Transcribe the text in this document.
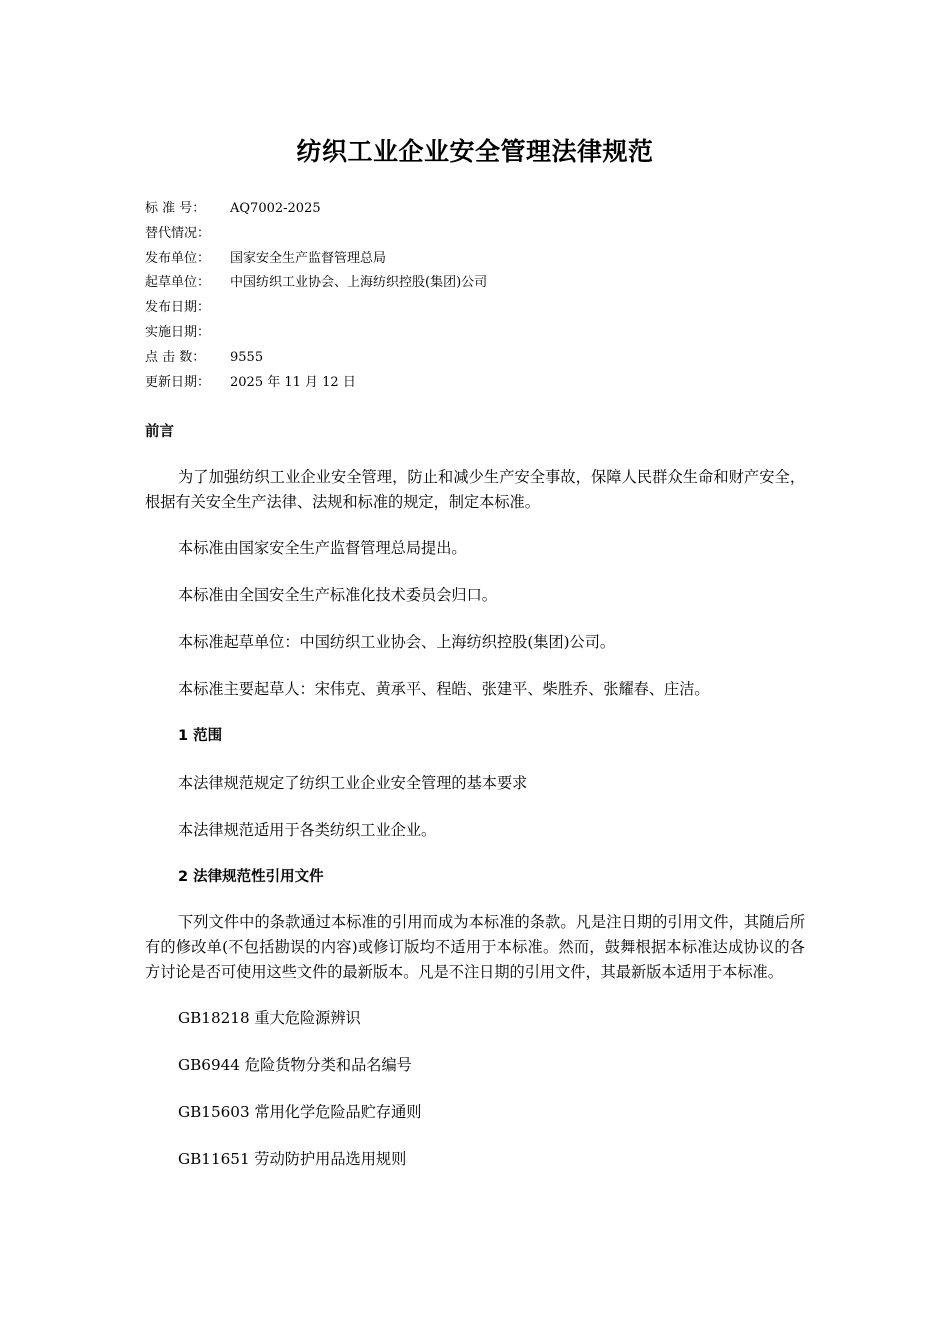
纺织工业企业安全管理法律规范
标 准 号：	AQ7002-2025
替代情况：
发布单位：	国家安全生产监督管理总局
起草单位：	中国纺织工业协会、上海纺织控股(集团)公司
发布日期：
实施日期：
点 击 数：	9555
更新日期：	2025 年 11 月 12 日
前言

为了加强纺织工业企业安全管理，防止和减少生产安全事故，保障人民群众生命和财产安全，根据有关安全生产法律、法规和标准的规定，制定本标准。

本标准由国家安全生产监督管理总局提出。

本标准由全国安全生产标准化技术委员会归口。

本标准起草单位：中国纺织工业协会、上海纺织控股(集团)公司。

本标准主要起草人：宋伟克、黄承平、程皓、张建平、柴胜乔、张耀春、庄洁。

1 范围

本法律规范规定了纺织工业企业安全管理的基本要求

本法律规范适用于各类纺织工业企业。

2 法律规范性引用文件

下列文件中的条款通过本标准的引用而成为本标准的条款。凡是注日期的引用文件，其随后所有的修改单(不包括勘误的内容)或修订版均不适用于本标准。然而，鼓舞根据本标准达成协议的各方讨论是否可使用这些文件的最新版本。凡是不注日期的引用文件，其最新版本适用于本标准。

GB18218 重大危险源辨识

GB6944 危险货物分类和品名编号

GB15603 常用化学危险品贮存通则

GB11651 劳动防护用品选用规则
